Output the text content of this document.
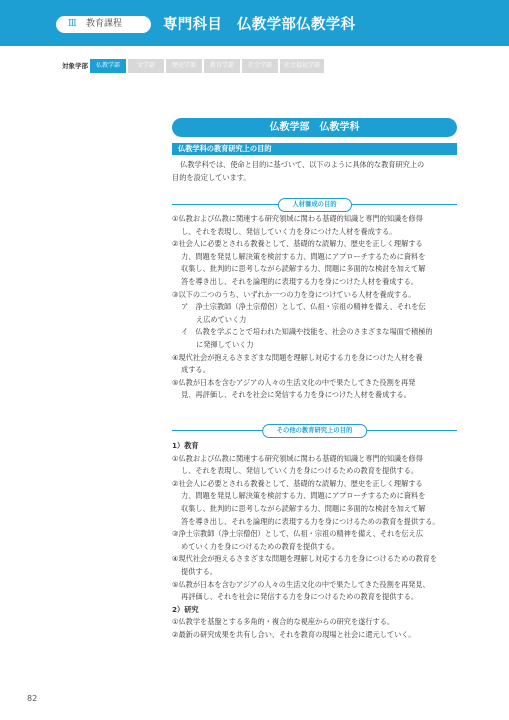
Ⅲ 教育課程	専門科目　仏教学部仏教学科
対象学部	仏教学部	文学部	歴史学部	教育学部	社会学部	社会福祉学部
仏教学部　仏教学科
仏教学科の教育研究上の目的

仏教学科では、使命と目的に基づいて、以下のように具体的な教育研究上の

目的を設定しています。

人材養成の目的
①仏教および仏教に関連する研究領域に関わる基礎的知識と専門的知識を修得
し、それを表現し、発信していく力を身につけた人材を養成する。
②社会人に必要とされる教養として、基礎的な読解力、歴史を正しく理解する
力、問題を発見し解決策を検討する力、問題にアプローチするために資料を
収集し、批判的に思考しながら読解する力、問題に多面的な検討を加えて解
答を導き出し、それを論理的に表現する力を身につけた人材を養成する。
③以下の二つのうち、いずれか一つの力を身につけている人材を養成する。
ア　浄土宗教師（浄土宗僧侶）として、仏祖・宗祖の精神を備え、それを伝
え広めていく力
イ　仏教を学ぶことで培われた知識や技能を、社会のさまざまな場面で積極的
に発揮していく力
④現代社会が抱えるさまざまな問題を理解し対応する力を身につけた人材を養
成する。
⑤仏教が日本を含むアジアの人々の生活文化の中で果たしてきた役割を再発
見、再評価し、それを社会に発信する力を身につけた人材を養成する。
その他の教育研究上の目的
1）教育
①仏教および仏教に関連する研究領域に関わる基礎的知識と専門的知識を修得
し、それを表現し、発信していく力を身につけるための教育を提供する。
②社会人に必要とされる教養として、基礎的な読解力、歴史を正しく理解する
力、問題を発見し解決策を検討する力、問題にアプローチするために資料を
収集し、批判的に思考しながら読解する力、問題に多面的な検討を加えて解
答を導き出し、それを論理的に表現する力を身につけるための教育を提供する。
③浄土宗教師（浄土宗僧侶）として、仏祖・宗祖の精神を備え、それを伝え広
めていく力を身につけるための教育を提供する。
④現代社会が抱えるさまざまな問題を理解し対応する力を身につけるための教育を
提供する。
⑤仏教が日本を含むアジアの人々の生活文化の中で果たしてきた役割を再発見、
再評価し、それを社会に発信する力を身につけるための教育を提供する。
2）研究
①仏教学を基盤とする多角的・複合的な視座からの研究を遂行する。
②最新の研究成果を共有し合い、それを教育の現場と社会に還元していく。
82
